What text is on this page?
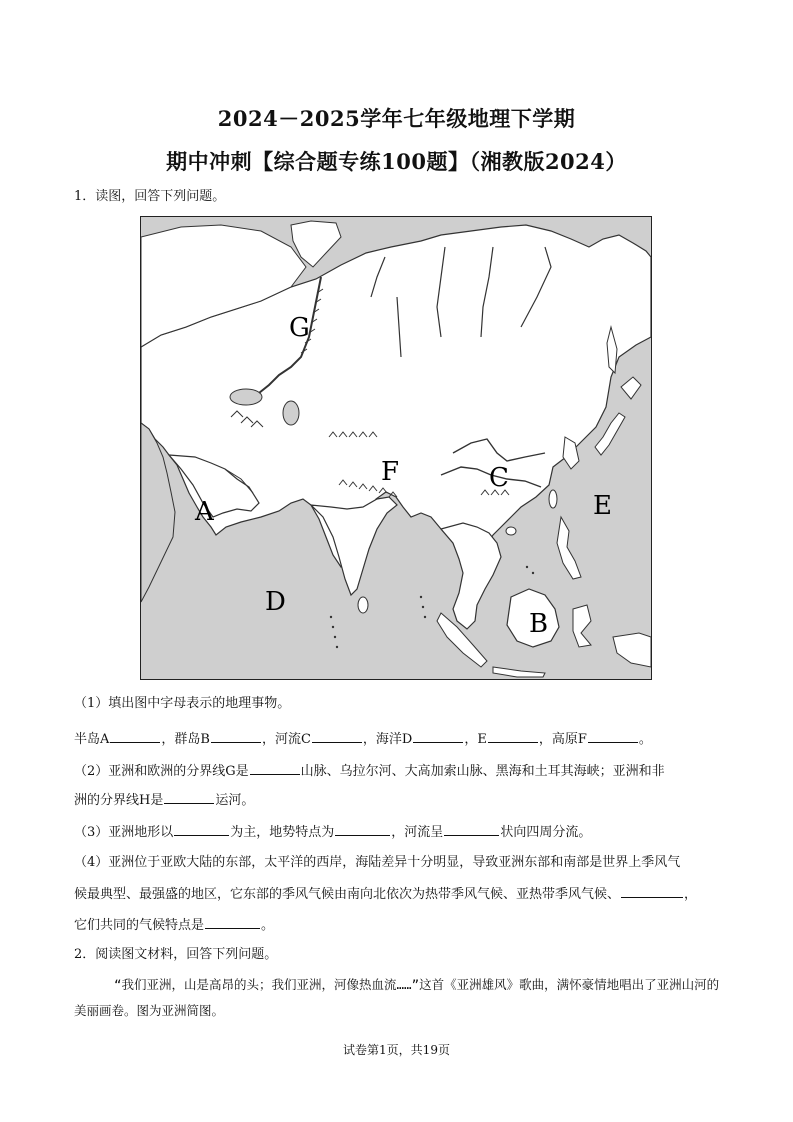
2024－2025学年七年级地理下学期
期中冲刺【综合题专练100题】（湘教版2024）
1．读图，回答下列问题。
G
F	C
E
A
D
B
（1）填出图中字母表示的地理事物。
半岛A	，群岛B	，河流C	，海洋D	，E	，高原F	。
（2）亚洲和欧洲的分界线G是	山脉、乌拉尔河、大高加索山脉、黑海和土耳其海峡；亚洲和非
洲的分界线H是	运河。
（3）亚洲地形以	为主，地势特点为	，河流呈	状向四周分流。
（4）亚洲位于亚欧大陆的东部，太平洋的西岸，海陆差异十分明显，导致亚洲东部和南部是世界上季风气
候最典型、最强盛的地区，它东部的季风气候由南向北依次为热带季风气候、亚热带季风气候、	，
它们共同的气候特点是	。
2．阅读图文材料，回答下列问题。
“我们亚洲，山是高昂的头；我们亚洲，河像热血流……”这首《亚洲雄风》歌曲，满怀豪情地唱出了亚洲山河的美丽画卷。图为亚洲简图。
试卷第1页，共19页
